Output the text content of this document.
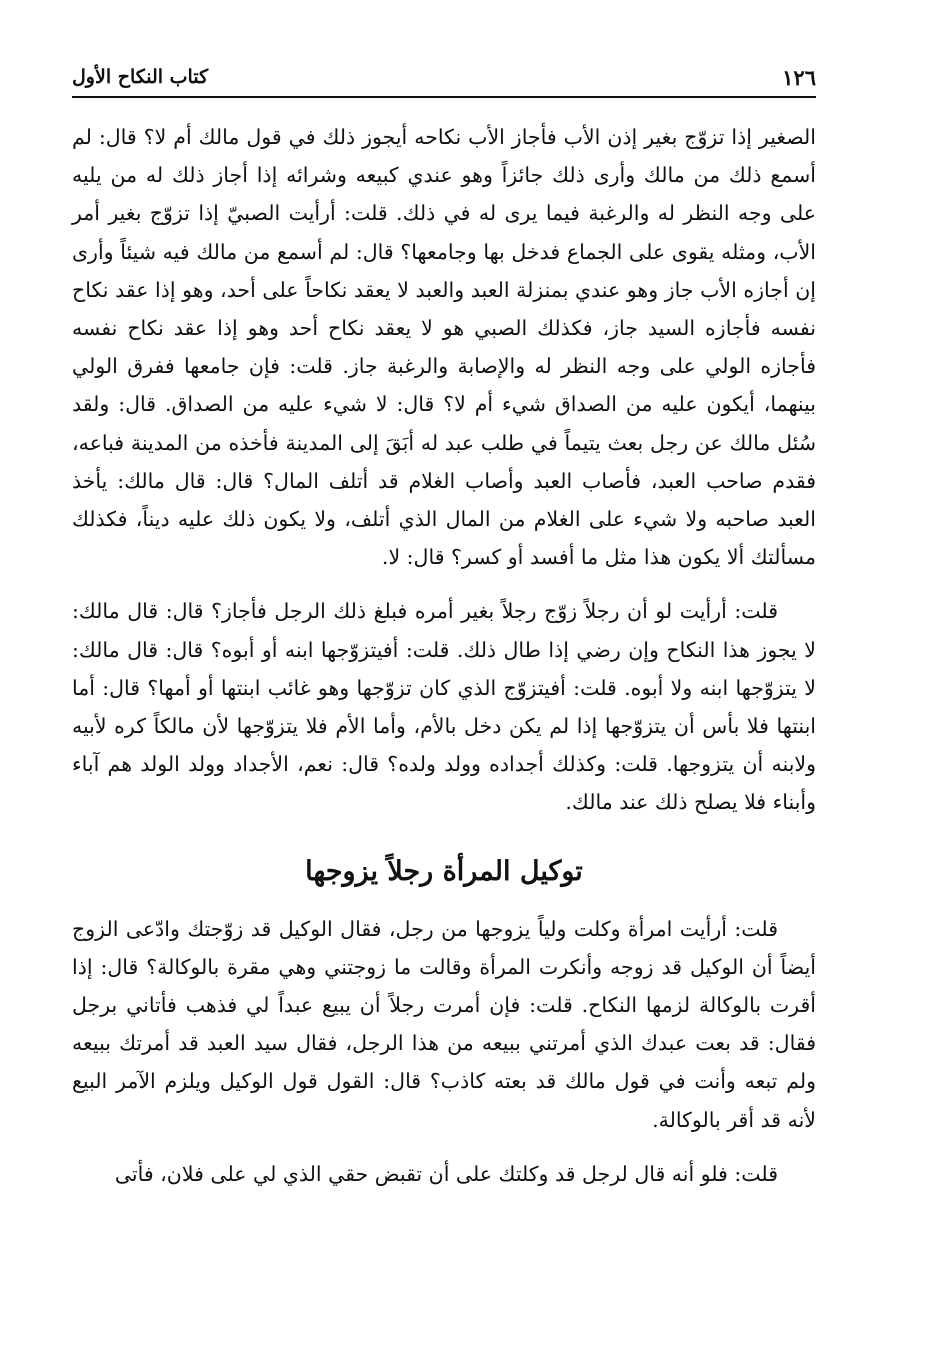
١٢٦
كتاب النكاح الأول

الصغير إذا تزوّج بغير إذن الأب فأجاز الأب نكاحه أيجوز ذلك في قول مالك أم لا؟ قال: لم أسمع ذلك من مالك وأرى ذلك جائزاً وهو عندي كبيعه وشرائه إذا أجاز ذلك له من يليه على وجه النظر له والرغبة فيما يرى له في ذلك. قلت: أرأيت الصبيّ إذا تزوّج بغير أمر الأب، ومثله يقوى على الجماع فدخل بها وجامعها؟ قال: لم أسمع من مالك فيه شيئاً وأرى إن أجازه الأب جاز وهو عندي بمنزلة العبد والعبد لا يعقد نكاحاً على أحد، وهو إذا عقد نكاح نفسه فأجازه السيد جاز، فكذلك الصبي هو لا يعقد نكاح أحد وهو إذا عقد نكاح نفسه فأجازه الولي على وجه النظر له والإصابة والرغبة جاز. قلت: فإن جامعها ففرق الولي بينهما، أيكون عليه من الصداق شيء أم لا؟ قال: لا شيء عليه من الصداق. قال: ولقد سُئل مالك عن رجل بعث يتيماً في طلب عبد له أبَقَ إلى المدينة فأخذه من المدينة فباعه، فقدم صاحب العبد، فأصاب العبد وأصاب الغلام قد أتلف المال؟ قال: قال مالك: يأخذ العبد صاحبه ولا شيء على الغلام من المال الذي أتلف، ولا يكون ذلك عليه ديناً، فكذلك مسألتك ألا يكون هذا مثل ما أفسد أو كسر؟ قال: لا.

قلت: أرأيت لو أن رجلاً زوّج رجلاً بغير أمره فبلغ ذلك الرجل فأجاز؟ قال: قال مالك: لا يجوز هذا النكاح وإن رضي إذا طال ذلك. قلت: أفيتزوّجها ابنه أو أبوه؟ قال: قال مالك: لا يتزوّجها ابنه ولا أبوه. قلت: أفيتزوّج الذي كان تزوّجها وهو غائب ابنتها أو أمها؟ قال: أما ابنتها فلا بأس أن يتزوّجها إذا لم يكن دخل بالأم، وأما الأم فلا يتزوّجها لأن مالكاً كره لأبيه ولابنه أن يتزوجها. قلت: وكذلك أجداده وولد ولده؟ قال: نعم، الأجداد وولد الولد هم آباء وأبناء فلا يصلح ذلك عند مالك.

توكيل المرأة رجلاً يزوجها

قلت: أرأيت امرأة وكلت ولياً يزوجها من رجل، فقال الوكيل قد زوّجتك وادّعى الزوج أيضاً أن الوكيل قد زوجه وأنكرت المرأة وقالت ما زوجتني وهي مقرة بالوكالة؟ قال: إذا أقرت بالوكالة لزمها النكاح. قلت: فإن أمرت رجلاً أن يبيع عبداً لي فذهب فأتاني برجل فقال: قد بعت عبدك الذي أمرتني ببيعه من هذا الرجل، فقال سيد العبد قد أمرتك ببيعه ولم تبعه وأنت في قول مالك قد بعته كاذب؟ قال: القول قول الوكيل ويلزم الآمر البيع لأنه قد أقر بالوكالة.

قلت: فلو أنه قال لرجل قد وكلتك على أن تقبض حقي الذي لي على فلان، فأتى
